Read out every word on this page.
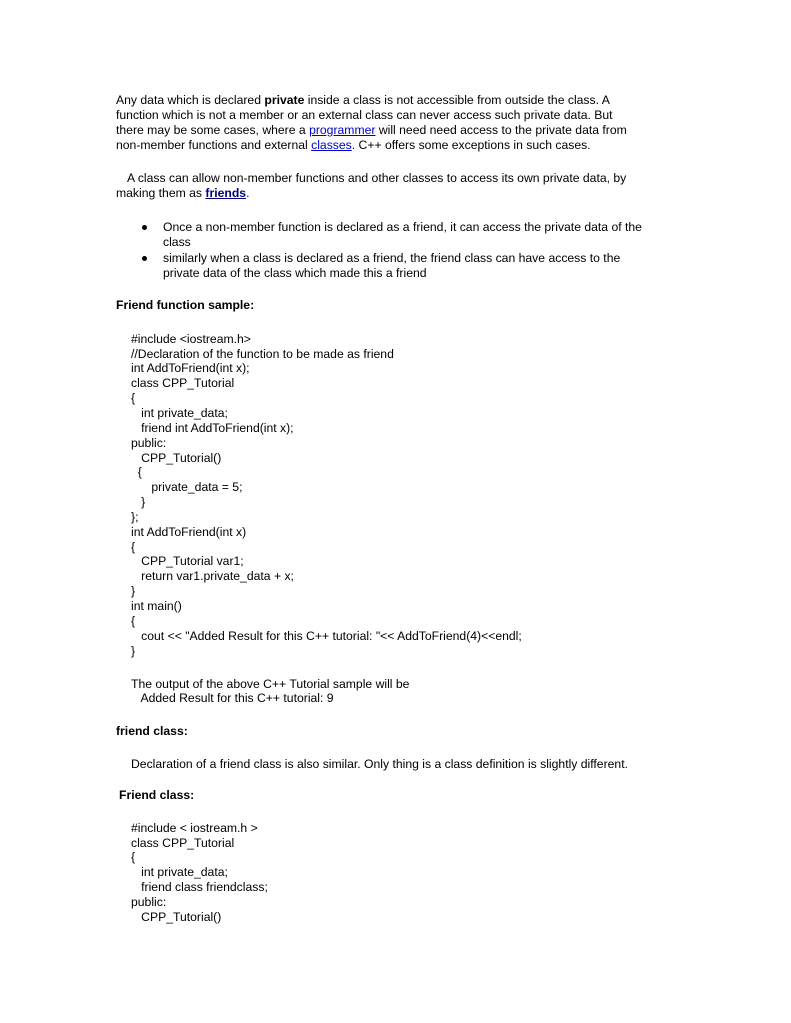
Any data which is declared private inside a class is not accessible from outside the class. A
function which is not a member or an external class can never access such private data. But
there may be some cases, where a programmer will need need access to the private data from
non-member functions and external classes. C++ offers some exceptions in such cases.
A class can allow non-member functions and other classes to access its own private data, by
making them as friends.
Once a non-member function is declared as a friend, it can access the private data of the
class
similarly when a class is declared as a friend, the friend class can have access to the
private data of the class which made this a friend
Friend function sample:
#include <iostream.h>
//Declaration of the function to be made as friend
int AddToFriend(int x);
class CPP_Tutorial
{
int private_data;
friend int AddToFriend(int x);
public:
CPP_Tutorial()
{
private_data = 5;
}
};
int AddToFriend(int x)
{
CPP_Tutorial var1;
return var1.private_data + x;
}
int main()
{
cout << "Added Result for this C++ tutorial: "<< AddToFriend(4)<<endl;
}
The output of the above C++ Tutorial sample will be
Added Result for this C++ tutorial: 9
friend class:
Declaration of a friend class is also similar. Only thing is a class definition is slightly different.
Friend class:
#include < iostream.h >
class CPP_Tutorial
{
int private_data;
friend class friendclass;
public:
CPP_Tutorial()
